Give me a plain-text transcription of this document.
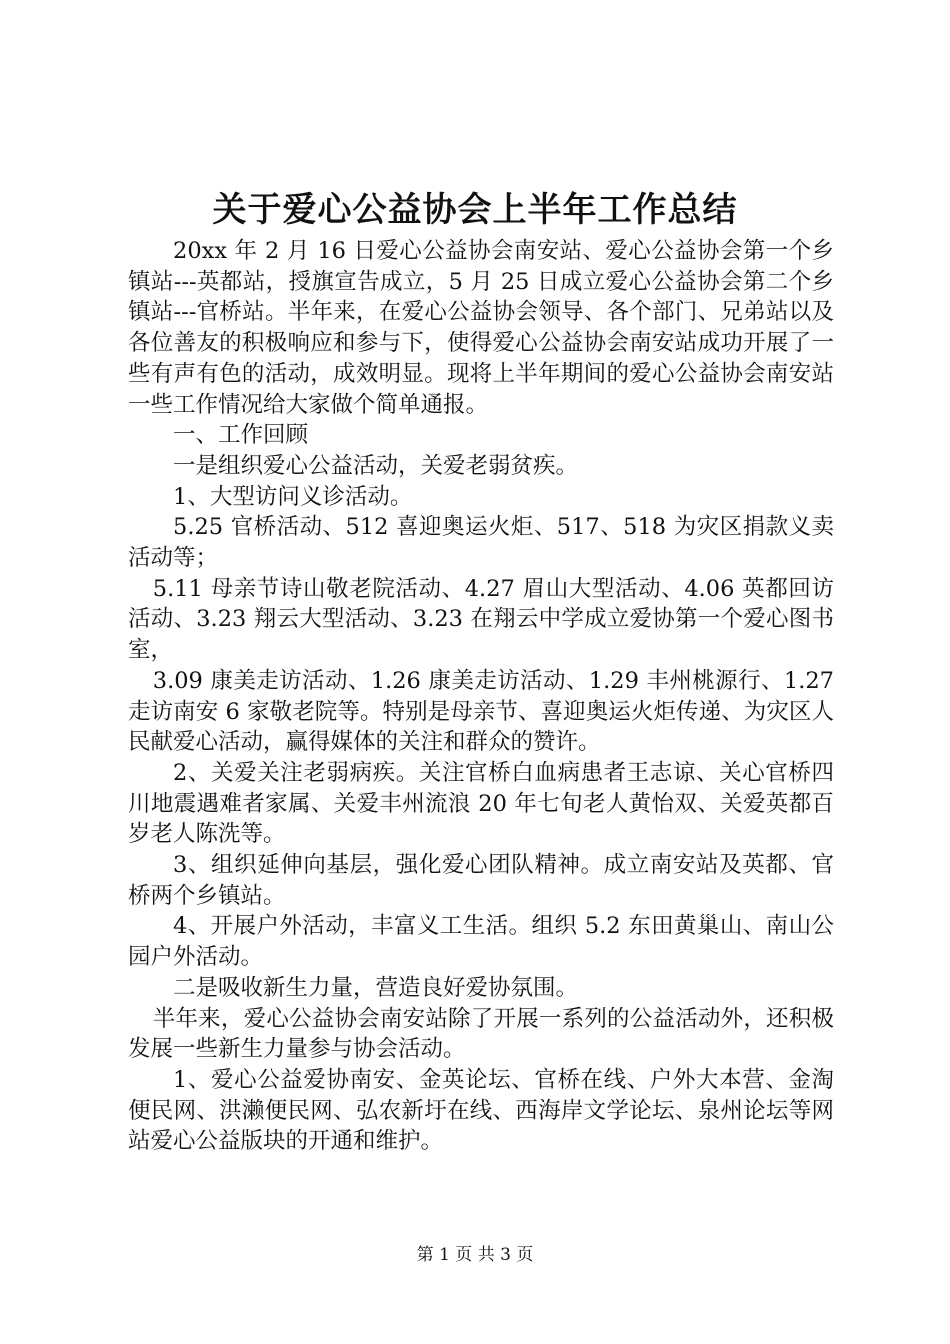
关于爱心公益协会上半年工作总结

20xx 年 2 月 16 日爱心公益协会南安站、爱心公益协会第一个乡镇站---英都站，授旗宣告成立，5 月 25 日成立爱心公益协会第二个乡镇站---官桥站。半年来，在爱心公益协会领导、各个部门、兄弟站以及各位善友的积极响应和参与下，使得爱心公益协会南安站成功开展了一些有声有色的活动，成效明显。现将上半年期间的爱心公益协会南安站一些工作情况给大家做个简单通报。

一、工作回顾

一是组织爱心公益活动，关爱老弱贫疾。

1、大型访问义诊活动。

5.25 官桥活动、512 喜迎奥运火炬、517、518 为灾区捐款义卖活动等；

5.11 母亲节诗山敬老院活动、4.27 眉山大型活动、4.06 英都回访活动、3.23 翔云大型活动、3.23 在翔云中学成立爱协第一个爱心图书室，

3.09 康美走访活动、1.26 康美走访活动、1.29 丰州桃源行、1.27 走访南安 6 家敬老院等。特别是母亲节、喜迎奥运火炬传递、为灾区人民献爱心活动，赢得媒体的关注和群众的赞许。

2、关爱关注老弱病疾。关注官桥白血病患者王志谅、关心官桥四川地震遇难者家属、关爱丰州流浪 20 年七旬老人黄怡双、关爱英都百岁老人陈洗等。

3、组织延伸向基层，强化爱心团队精神。成立南安站及英都、官桥两个乡镇站。

4、开展户外活动，丰富义工生活。组织 5.2 东田黄巢山、南山公园户外活动。

二是吸收新生力量，营造良好爱协氛围。

半年来，爱心公益协会南安站除了开展一系列的公益活动外，还积极发展一些新生力量参与协会活动。

1、爱心公益爱协南安、金英论坛、官桥在线、户外大本营、金淘便民网、洪濑便民网、弘农新圩在线、西海岸文学论坛、泉州论坛等网站爱心公益版块的开通和维护。

第 1 页 共 3 页
